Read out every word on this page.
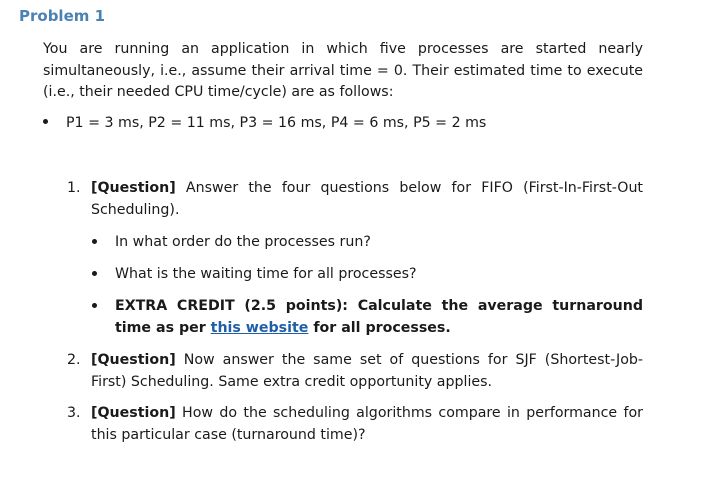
Problem 1

You are running an application in which five processes are started nearly simultaneously, i.e., assume their arrival time = 0. Their estimated time to execute (i.e., their needed CPU time/cycle) are as follows:

P1 = 3 ms, P2 = 11 ms, P3 = 16 ms, P4 = 6 ms, P5 = 2 ms
1. [Question] Answer the four questions below for FIFO (First-In-First-Out Scheduling).
In what order do the processes run?
What is the waiting time for all processes?
EXTRA CREDIT (2.5 points): Calculate the average turnaround time as per this website for all processes.
2. [Question] Now answer the same set of questions for SJF (Shortest-Job-First) Scheduling. Same extra credit opportunity applies.
3. [Question] How do the scheduling algorithms compare in performance for this particular case (turnaround time)?
